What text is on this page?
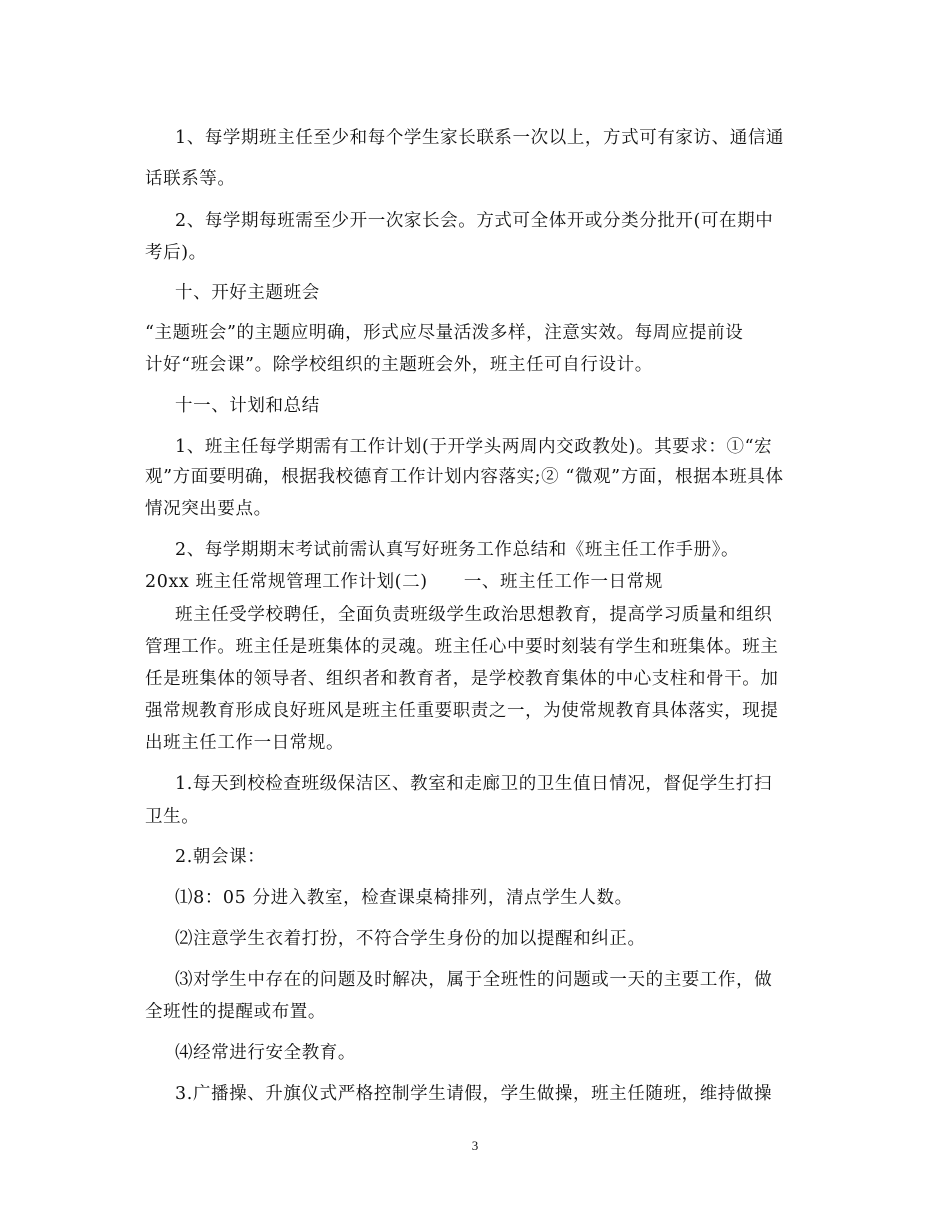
1、每学期班主任至少和每个学生家长联系一次以上，方式可有家访、通信通
话联系等。
2、每学期每班需至少开一次家长会。方式可全体开或分类分批开(可在期中
考后)。
十、开好主题班会
“主题班会”的主题应明确，形式应尽量活泼多样，注意实效。每周应提前设
计好“班会课”。除学校组织的主题班会外，班主任可自行设计。
十一、计划和总结
1、班主任每学期需有工作计划(于开学头两周内交政教处)。其要求：①“宏
观”方面要明确，根据我校德育工作计划内容落实;② “微观”方面，根据本班具体
情况突出要点。
2、每学期期末考试前需认真写好班务工作总结和《班主任工作手册》。
20xx 班主任常规管理工作计划(二)　　一、班主任工作一日常规
班主任受学校聘任，全面负责班级学生政治思想教育，提高学习质量和组织
管理工作。班主任是班集体的灵魂。班主任心中要时刻装有学生和班集体。班主
任是班集体的领导者、组织者和教育者，是学校教育集体的中心支柱和骨干。加
强常规教育形成良好班风是班主任重要职责之一，为使常规教育具体落实，现提
出班主任工作一日常规。
1.每天到校检查班级保洁区、教室和走廊卫的卫生值日情况，督促学生打扫
卫生。
2.朝会课：
⑴8：05 分进入教室，检查课桌椅排列，清点学生人数。
⑵注意学生衣着打扮，不符合学生身份的加以提醒和纠正。
⑶对学生中存在的问题及时解决，属于全班性的问题或一天的主要工作，做
全班性的提醒或布置。
⑷经常进行安全教育。
3.广播操、升旗仪式严格控制学生请假，学生做操，班主任随班，维持做操
3
